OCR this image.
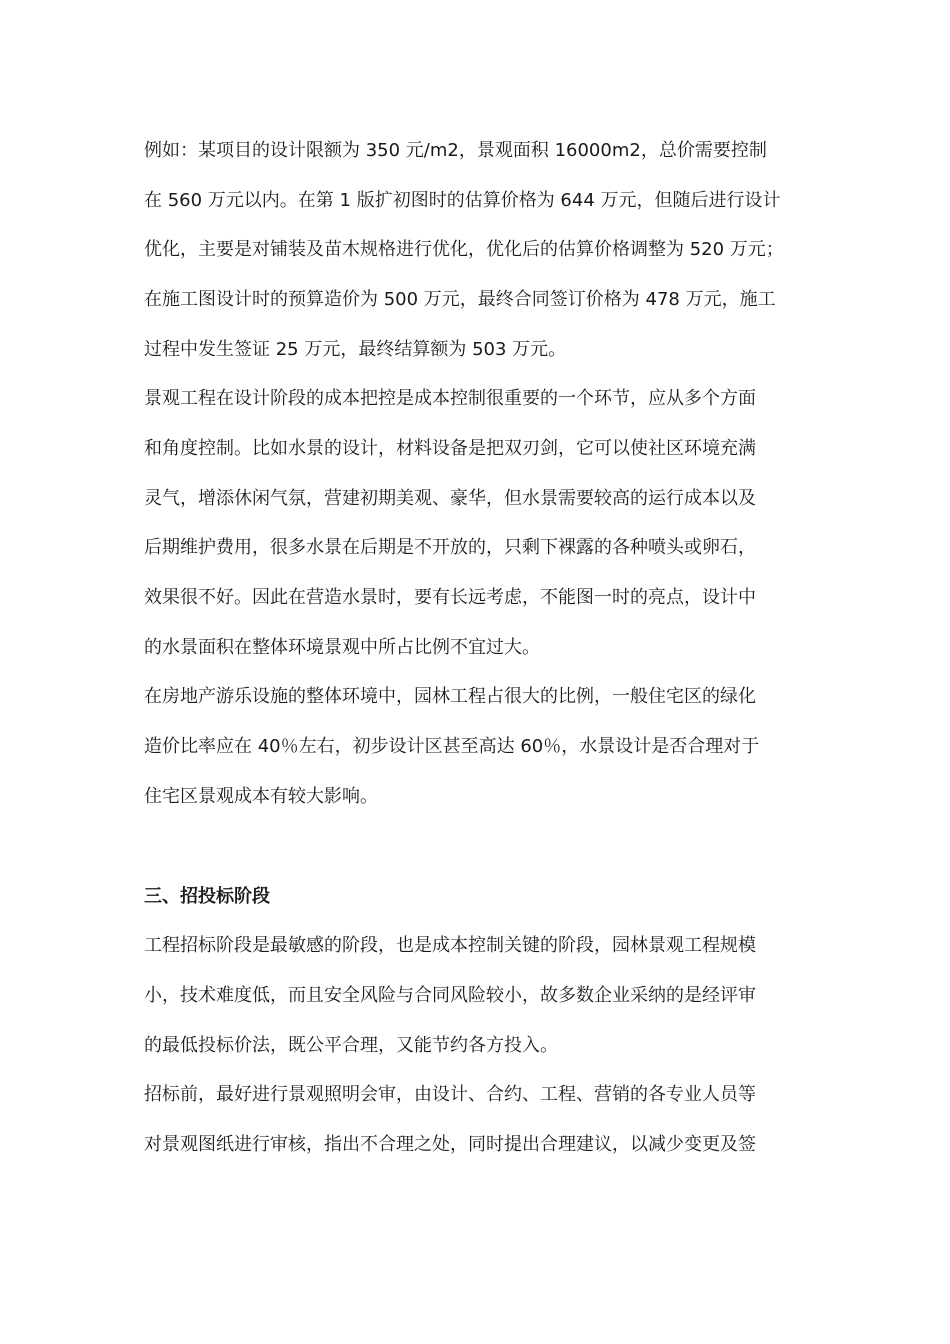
例如：某项目的设计限额为 350 元/m2，景观面积 16000m2，总价需要控制
在 560 万元以内。在第 1 版扩初图时的估算价格为 644 万元，但随后进行设计
优化，主要是对铺装及苗木规格进行优化，优化后的估算价格调整为 520 万元；
在施工图设计时的预算造价为 500 万元，最终合同签订价格为 478 万元，施工
过程中发生签证 25 万元，最终结算额为 503 万元。
景观工程在设计阶段的成本把控是成本控制很重要的一个环节，应从多个方面
和角度控制。比如水景的设计，材料设备是把双刃剑，它可以使社区环境充满
灵气，增添休闲气氛，营建初期美观、豪华，但水景需要较高的运行成本以及
后期维护费用，很多水景在后期是不开放的，只剩下裸露的各种喷头或卵石，
效果很不好。因此在营造水景时，要有长远考虑，不能图一时的亮点，设计中
的水景面积在整体环境景观中所占比例不宜过大。
在房地产游乐设施的整体环境中，园林工程占很大的比例，一般住宅区的绿化
造价比率应在 40％左右，初步设计区甚至高达 60％，水景设计是否合理对于
住宅区景观成本有较大影响。
三、招投标阶段
工程招标阶段是最敏感的阶段，也是成本控制关键的阶段，园林景观工程规模
小，技术难度低，而且安全风险与合同风险较小，故多数企业采纳的是经评审
的最低投标价法，既公平合理，又能节约各方投入。
招标前，最好进行景观照明会审，由设计、合约、工程、营销的各专业人员等
对景观图纸进行审核，指出不合理之处，同时提出合理建议，以减少变更及签
